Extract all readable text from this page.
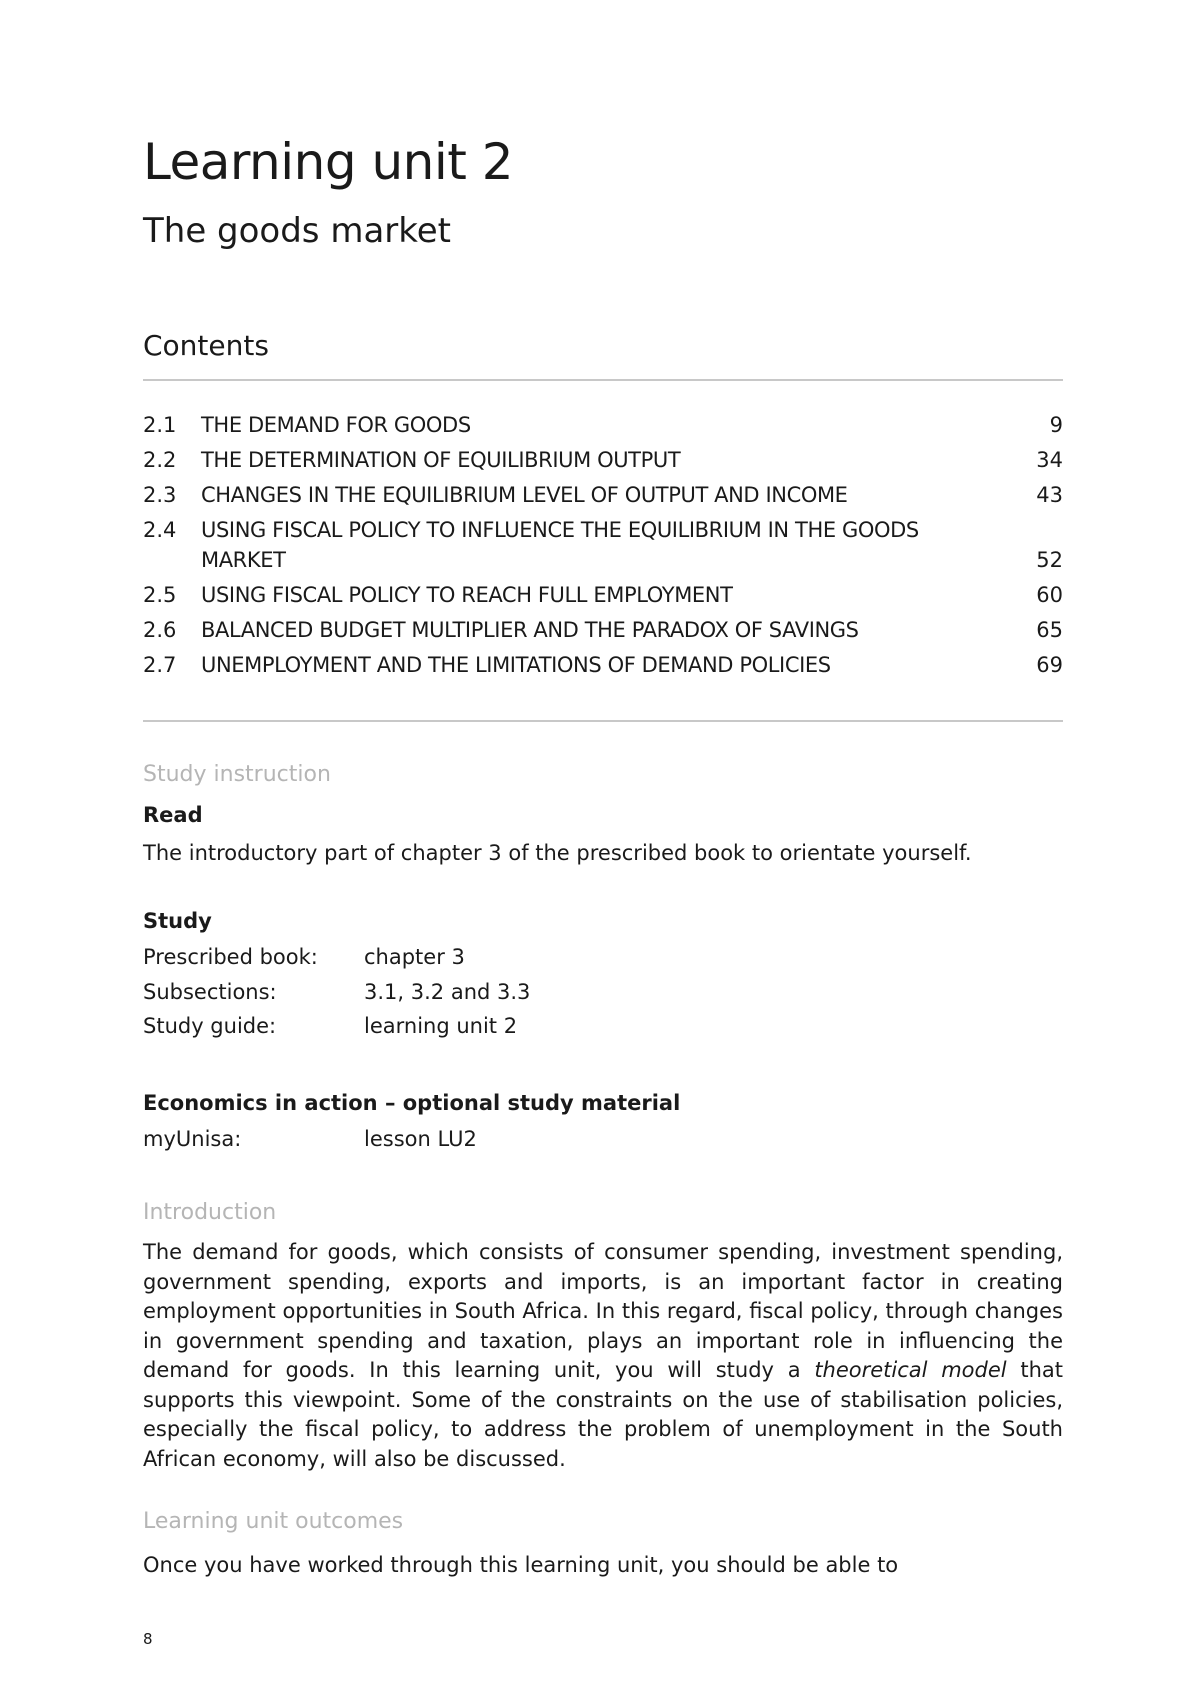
Learning unit 2
The goods market
Contents
2.1 THE DEMAND FOR GOODS	9
2.2 THE DETERMINATION OF EQUILIBRIUM OUTPUT	34
2.3 CHANGES IN THE EQUILIBRIUM LEVEL OF OUTPUT AND INCOME	43
2.4 USING FISCAL POLICY TO INFLUENCE THE EQUILIBRIUM IN THE GOODS
MARKET	52
2.5 USING FISCAL POLICY TO REACH FULL EMPLOYMENT	60
2.6 BALANCED BUDGET MULTIPLIER AND THE PARADOX OF SAVINGS	65
2.7 UNEMPLOYMENT AND THE LIMITATIONS OF DEMAND POLICIES	69

Study instruction

Read

The introductory part of chapter 3 of the prescribed book to orientate yourself.

Study

Prescribed book: chapter 3
Subsections:	3.1, 3.2 and 3.3
Study guide:	learning unit 2

Economics in action – optional study material

myUnisa:	lesson LU2

Introduction

The demand for goods, which consists of consumer spending, investment spending, government spending, exports and imports, is an important factor in creating employment opportunities in South Africa. In this regard, fiscal policy, through changes in government spending and taxation, plays an important role in influencing the demand for goods. In this learning unit, you will study a theoretical model that supports this viewpoint. Some of the constraints on the use of stabilisation policies, especially the fiscal policy, to address the problem of unemployment in the South African economy, will also be discussed.

Learning unit outcomes

Once you have worked through this learning unit, you should be able to

8
